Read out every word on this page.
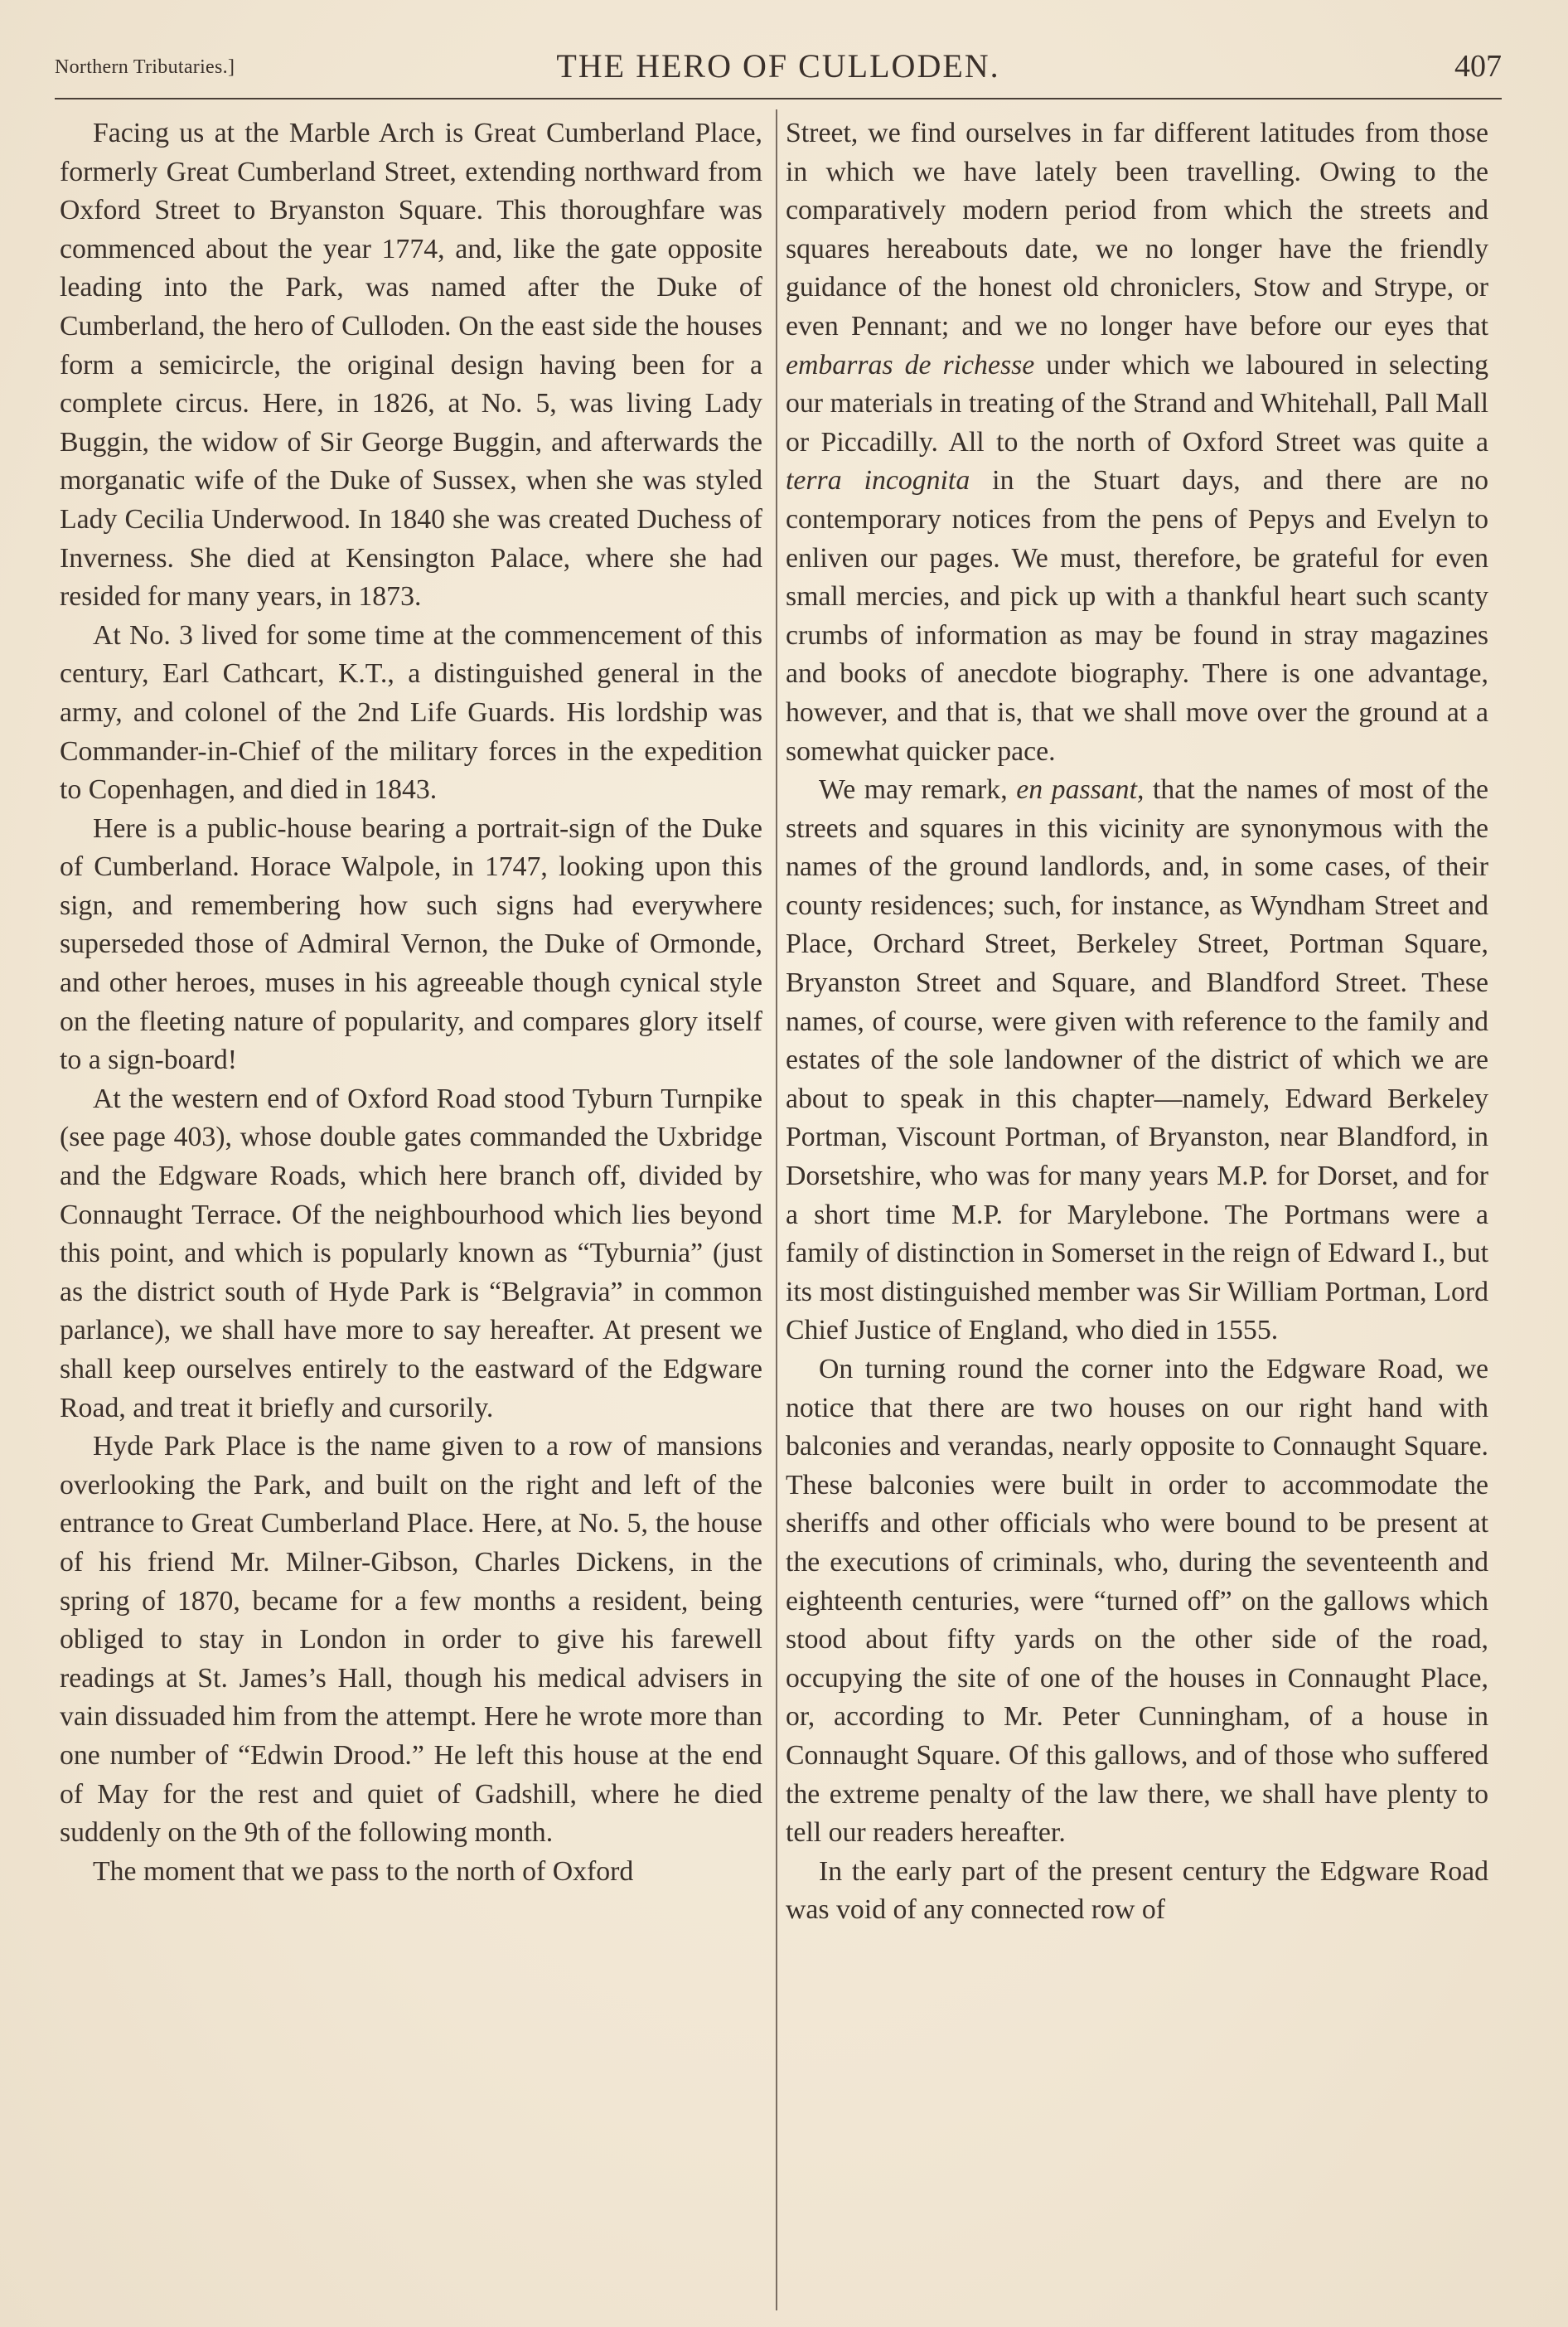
Northern Tributaries.]	THE HERO OF CULLODEN.	407

Facing us at the Marble Arch is Great Cumberland Place, formerly Great Cumberland Street, extending northward from Oxford Street to Bryanston Square. This thoroughfare was commenced about the year 1774, and, like the gate opposite leading into the Park, was named after the Duke of Cumberland, the hero of Culloden. On the east side the houses form a semicircle, the original design having been for a complete circus. Here, in 1826, at No. 5, was living Lady Buggin, the widow of Sir George Buggin, and afterwards the morganatic wife of the Duke of Sussex, when she was styled Lady Cecilia Underwood. In 1840 she was created Duchess of Inverness. She died at Kensington Palace, where she had resided for many years, in 1873.

At No. 3 lived for some time at the commencement of this century, Earl Cathcart, K.T., a distinguished general in the army, and colonel of the 2nd Life Guards. His lordship was Commander-in-Chief of the military forces in the expedition to Copenhagen, and died in 1843.

Here is a public-house bearing a portrait-sign of the Duke of Cumberland. Horace Walpole, in 1747, looking upon this sign, and remembering how such signs had everywhere superseded those of Admiral Vernon, the Duke of Ormonde, and other heroes, muses in his agreeable though cynical style on the fleeting nature of popularity, and compares glory itself to a sign-board!

At the western end of Oxford Road stood Tyburn Turnpike (see page 403), whose double gates commanded the Uxbridge and the Edgware Roads, which here branch off, divided by Connaught Terrace. Of the neighbourhood which lies beyond this point, and which is popularly known as “Tyburnia” (just as the district south of Hyde Park is “Belgravia” in common parlance), we shall have more to say hereafter. At present we shall keep ourselves entirely to the eastward of the Edgware Road, and treat it briefly and cursorily.

Hyde Park Place is the name given to a row of mansions overlooking the Park, and built on the right and left of the entrance to Great Cumberland Place. Here, at No. 5, the house of his friend Mr. Milner-Gibson, Charles Dickens, in the spring of 1870, became for a few months a resident, being obliged to stay in London in order to give his farewell readings at St. James’s Hall, though his medical advisers in vain dissuaded him from the attempt. Here he wrote more than one number of “Edwin Drood.” He left this house at the end of May for the rest and quiet of Gadshill, where he died suddenly on the 9th of the following month.

The moment that we pass to the north of Oxford

Street, we find ourselves in far different latitudes from those in which we have lately been travelling. Owing to the comparatively modern period from which the streets and squares hereabouts date, we no longer have the friendly guidance of the honest old chroniclers, Stow and Strype, or even Pennant; and we no longer have before our eyes that embarras de richesse under which we laboured in selecting our materials in treating of the Strand and Whitehall, Pall Mall or Piccadilly. All to the north of Oxford Street was quite a terra incognita in the Stuart days, and there are no contemporary notices from the pens of Pepys and Evelyn to enliven our pages. We must, therefore, be grateful for even small mercies, and pick up with a thankful heart such scanty crumbs of information as may be found in stray magazines and books of anecdote biography. There is one advantage, however, and that is, that we shall move over the ground at a somewhat quicker pace.

We may remark, en passant, that the names of most of the streets and squares in this vicinity are synonymous with the names of the ground landlords, and, in some cases, of their county residences; such, for instance, as Wyndham Street and Place, Orchard Street, Berkeley Street, Portman Square, Bryanston Street and Square, and Blandford Street. These names, of course, were given with reference to the family and estates of the sole landowner of the district of which we are about to speak in this chapter—namely, Edward Berkeley Portman, Viscount Portman, of Bryanston, near Blandford, in Dorsetshire, who was for many years M.P. for Dorset, and for a short time M.P. for Marylebone. The Portmans were a family of distinction in Somerset in the reign of Edward I., but its most distinguished member was Sir William Portman, Lord Chief Justice of England, who died in 1555.

On turning round the corner into the Edgware Road, we notice that there are two houses on our right hand with balconies and verandas, nearly opposite to Connaught Square. These balconies were built in order to accommodate the sheriffs and other officials who were bound to be present at the executions of criminals, who, during the seventeenth and eighteenth centuries, were “turned off” on the gallows which stood about fifty yards on the other side of the road, occupying the site of one of the houses in Connaught Place, or, according to Mr. Peter Cunningham, of a house in Connaught Square. Of this gallows, and of those who suffered the extreme penalty of the law there, we shall have plenty to tell our readers hereafter.

In the early part of the present century the Edgware Road was void of any connected row of
